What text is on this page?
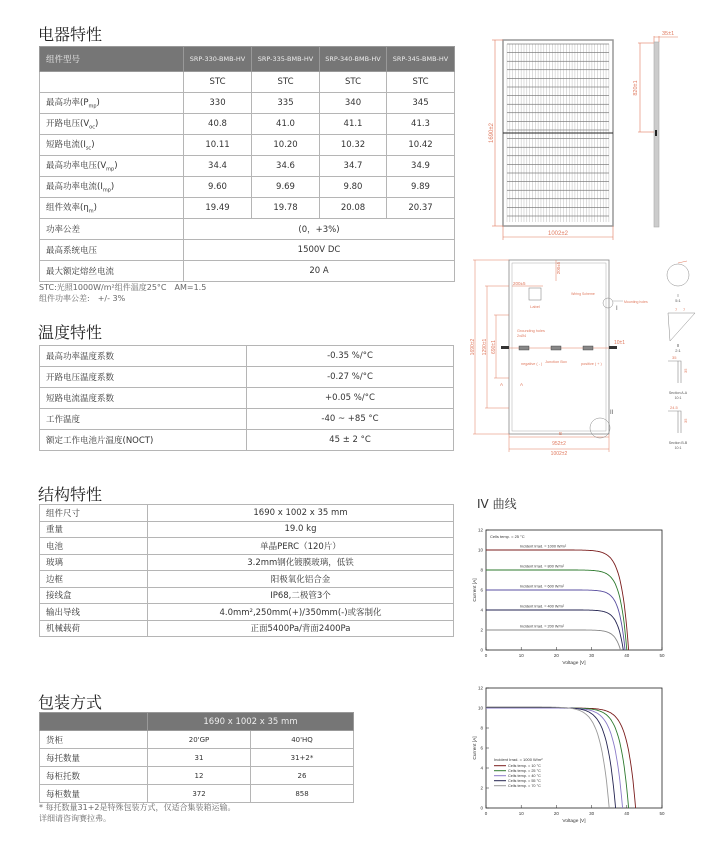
电器特性
组件型号	SRP-330-BMB-HV	SRP-335-BMB-HV	SRP-340-BMB-HV	SRP-345-BMB-HV
	STC	STC	STC	STC
最高功率$(P_{mp})$	330	335	340	345
开路电压$(V_{oc})$	40.8	41.0	41.1	41.3
短路电流$(I_{sc})$	10.11	10.20	10.32	10.42
最高功率电压$(V_{mp})$	34.4	34.6	34.7	34.9
最高功率电流$(I_{mp})$	9.60	9.69	9.80	9.89
组件效率$(\eta_m)$	19.49	19.78	20.08	20.37
功率公差	(0，+3%)			
最高系统电压	1500V DC			
最大额定熔丝电流	20 A			
STC:光照1000W/m²组件温度25°C　AM=1.5
组件功率公差:　+/- 3%
温度特性
最高功率温度系数	-0.35 %/°C
开路电压温度系数	-0.27 %/°C
短路电流温度系数	+0.05 %/°C
工作温度	-40 ~ +85 °C
额定工作电池片温度(NOCT)	45 ± 2 °C
结构特性
组件尺寸	1690 x 1002 x 35 mm
重量	19.0 kg
电池	单晶PERC（120片）
玻璃	3.2mm钢化镀膜玻璃，低铁
边框	阳极氧化铝合金
接线盒	IP68,二极管3个
输出导线	4.0mm²,250mm(+)/350mm(-)或客制化
机械载荷	正面5400Pa/背面2400Pa
包装方式
	1690 x 1002 x 35 mm	
货柜	20'GP	40'HQ
每托数量	31	31+2*
每柜托数	12	26
每柜数量	372	858
* 每托数量31+2是特殊包装方式，仅适合集装箱运输。
详细请咨询赛拉弗。
1690±2
1002±2
820±1
35±1
1690±2 1290±1 690±1
200±5
200±5
Label
Wiring Scheme
Mounting holes
Grounding holes
2xØ4
negative ( - ) Junction Box	positive ( + )
10±1
A	A
B
952±2
1002±2
II
I
I
5:1
7 7
II
2:1
35
35
Section A-A
10:1
24.5
35
Section B-B
10:1
IV 曲线
0	10	20	30	40	50
0
2
4
6
8
10
12
Voltage [V]
Current [A]
Cells temp. = 25 °C
Incident Irrad. = 1000 W/m²
Incident Irrad. = 800 W/m²
Incident Irrad. = 600 W/m²
Incident Irrad. = 400 W/m²
Incident Irrad. = 200 W/m²
0	10	20	30	40	50
0
2
4
6
8
10
12
Voltage [V]
Current [A]	Incident Irrad. = 1000 W/m²
Cells temp. = 10 °C
Cells temp. = 25 °C
Cells temp. = 40 °C
Cells temp. = 55 °C
Cells temp. = 70 °C
